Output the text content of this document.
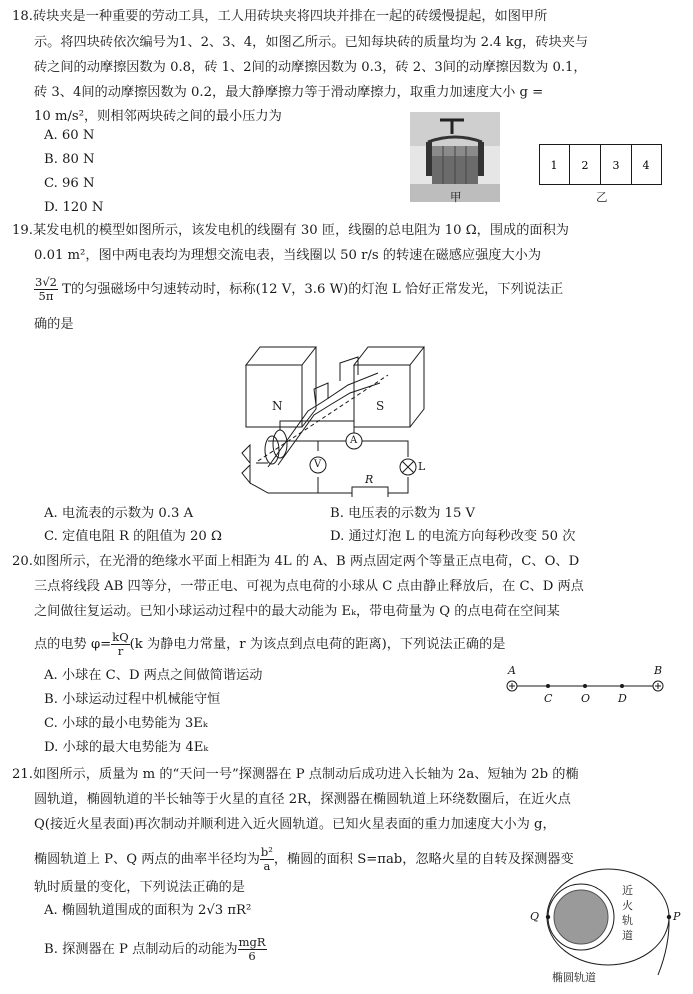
18.砖块夹是一种重要的劳动工具，工人用砖块夹将四块并排在一起的砖缓慢提起，如图甲所
示。将四块砖依次编号为1、2、3、4，如图乙所示。已知每块砖的质量均为 2.4 kg，砖块夹与
砖之间的动摩擦因数为 0.8，砖 1、2间的动摩擦因数为 0.3，砖 2、3间的动摩擦因数为 0.1，
砖 3、4间的动摩擦因数为 0.2，最大静摩擦力等于滑动摩擦力，取重力加速度大小 g =
10 m/s²，则相邻两块砖之间的最小压力为
A. 60 N
B. 80 N
C. 96 N
D. 120 N
甲
1 2 3 4
乙
19.某发电机的模型如图所示，该发电机的线圈有 30 匝，线圈的总电阻为 10 Ω，围成的面积为
0.01 m²，图中两电表均为理想交流电表，当线圈以 50 r/s 的转速在磁感应强度大小为
$\frac{3√2}{5\pi}$ T的匀强磁场中匀速转动时，标称(12 V，3.6 W)的灯泡 L 恰好正常发光，下列说法正
确的是
N	S
A
V
R
L
A. 电流表的示数为 0.3 A	B. 电压表的示数为 15 V
C. 定值电阻 R 的阻值为 20 Ω	D. 通过灯泡 L 的电流方向每秒改变 50 次
20.如图所示，在光滑的绝缘水平面上相距为 4L 的 A、B 两点固定两个等量正点电荷，C、O、D
三点将线段 AB 四等分，一带正电、可视为点电荷的小球从 C 点由静止释放后，在 C、D 两点
之间做往复运动。已知小球运动过程中的最大动能为 Eₖ，带电荷量为 Q 的点电荷在空间某
点的电势 $\varphi= \frac{kQ}{r} (k$ 为静电力常量，r 为该点到点电荷的距离)，下列说法正确的是
A. 小球在 C、D 两点之间做简谐运动
B. 小球运动过程中机械能守恒
C. 小球的最小电势能为 3Eₖ
D. 小球的最大电势能为 4Eₖ
A	B
C	O	D
21.如图所示，质量为 m 的“天问一号”探测器在 P 点制动后成功进入长轴为 2a、短轴为 2b 的椭
圆轨道，椭圆轨道的半长轴等于火星的直径 2R，探测器在椭圆轨道上环绕数圈后，在近火点
Q(接近火星表面)再次制动并顺利进入近火圆轨道。已知火星表面的重力加速度大小为 g，
椭圆轨道上 P、Q 两点的曲率半径均为 $\frac{\text{b²}}{a}$ ，椭圆的面积 S=πab，忽略火星的自转及探测器变
轨时质量的变化，下列说法正确的是
A. 椭圆轨道围成的面积为 2√3 πR²
B. 探测器在 P 点制动后的动能为 $\frac{\text{mgR}}{6}$
Q	P
近
火
轨
道
椭圆轨道
